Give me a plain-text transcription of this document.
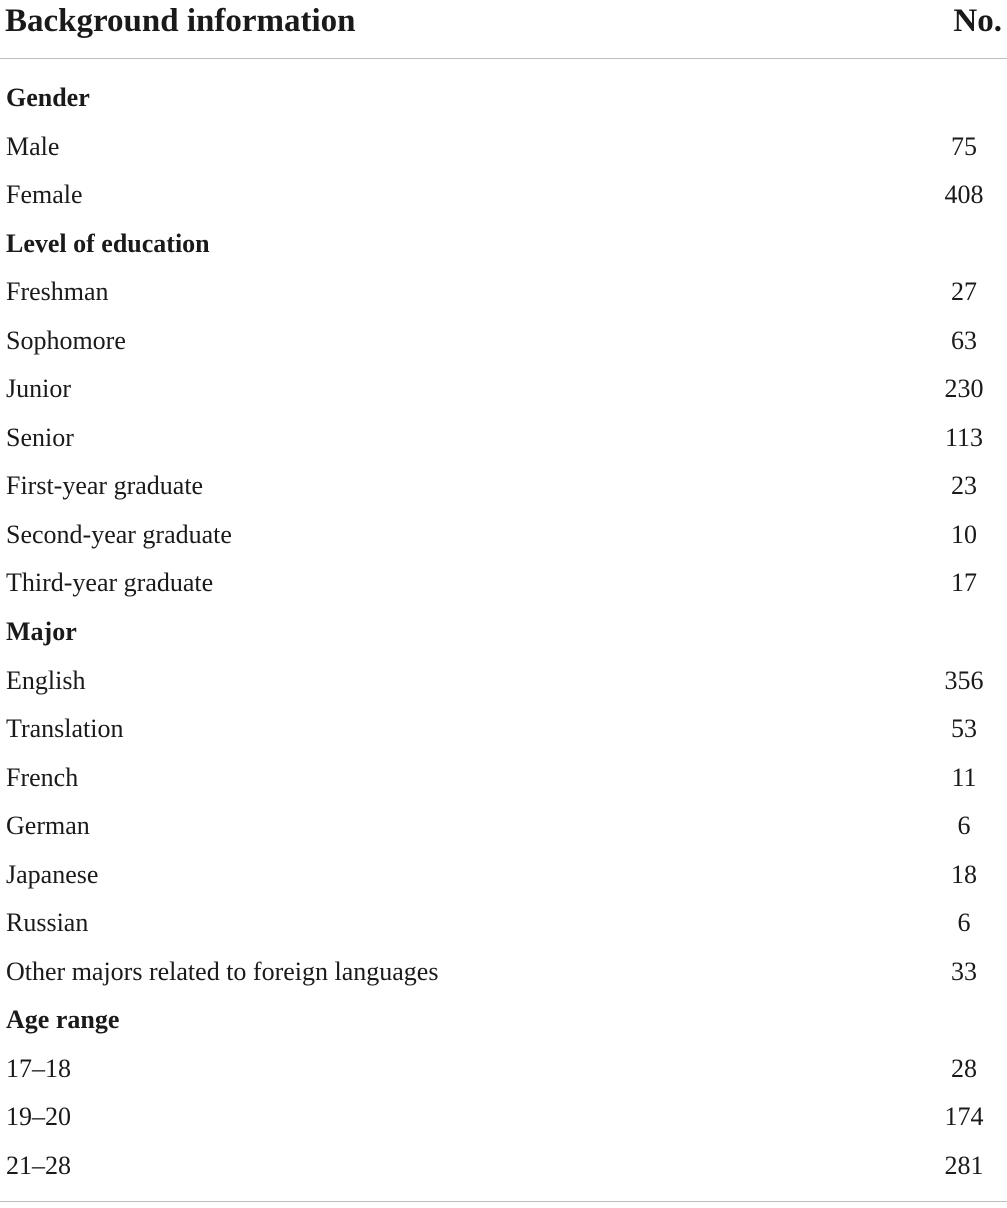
Background information	No.
Gender
Male	75
Female	408
Level of education
Freshman	27
Sophomore	63
Junior	230
Senior	113
First-year graduate	23
Second-year graduate	10
Third-year graduate	17
Major
English	356
Translation	53
French	11
German	6
Japanese	18
Russian	6
Other majors related to foreign languages	33
Age range
17–18	28
19–20	174
21–28	281
